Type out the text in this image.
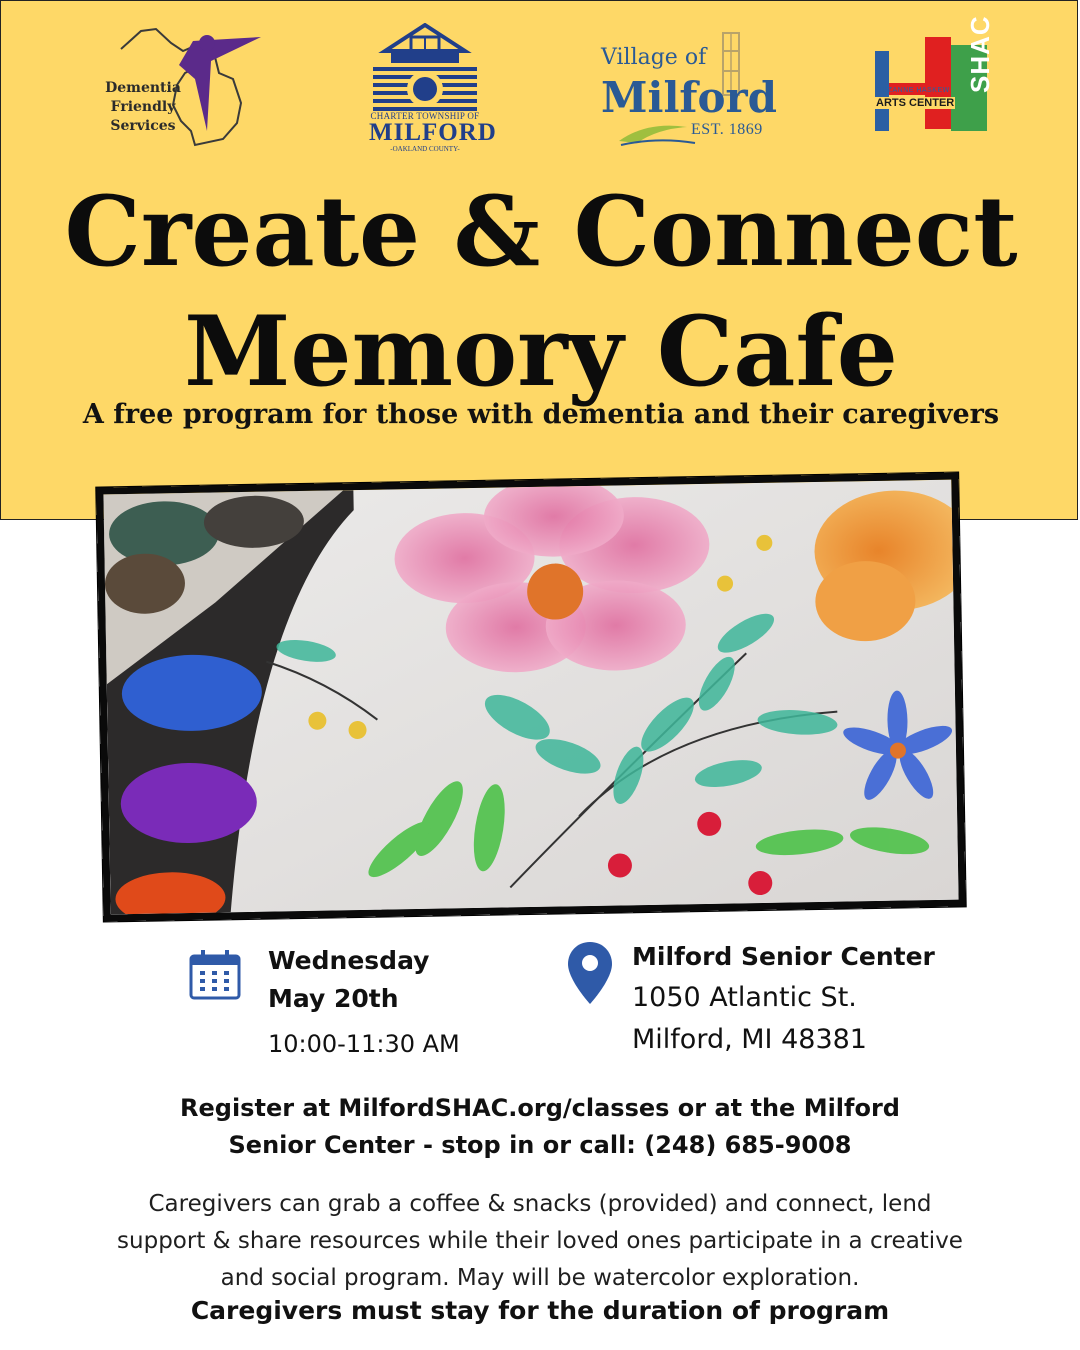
Dementia
Friendly
Services
CHARTER TOWNSHIP OF
MILFORD
-OAKLAND COUNTY-
Village of
Milford
EST. 1869
SUZANNE HASKEW
ARTS CENTER
SHAC
Create & Connect
Memory Cafe
A free program for those with dementia and their caregivers
Wednesday
May 20th
10:00-11:30 AM
Milford Senior Center
1050 Atlantic St.
Milford, MI 48381
Register at MilfordSHAC.org/classes or at the Milford
Senior Center - stop in or call: (248) 685-9008
Caregivers can grab a coffee & snacks (provided) and connect, lend
support & share resources while their loved ones participate in a creative
and social program. May will be watercolor exploration.
Caregivers must stay for the duration of program
